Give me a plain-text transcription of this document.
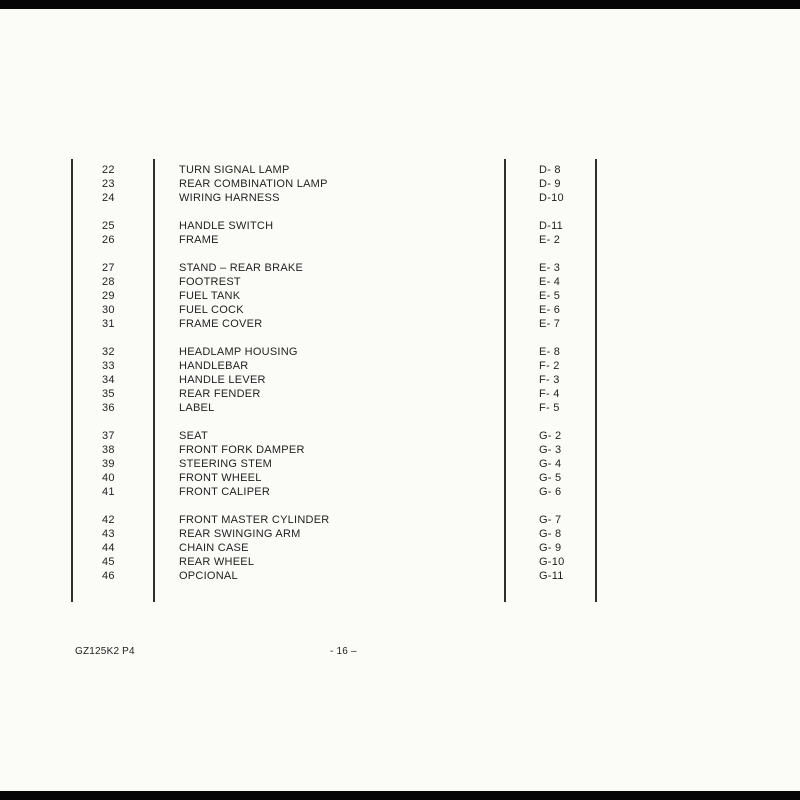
22	TURN SIGNAL LAMP	D- 8
23	REAR COMBINATION LAMP	D- 9
24	WIRING HARNESS	D-10
25	HANDLE SWITCH	D-11
26	FRAME	E- 2
27	STAND – REAR BRAKE	E- 3
28	FOOTREST	E- 4
29	FUEL TANK	E- 5
30	FUEL COCK	E- 6
31	FRAME COVER	E- 7
32	HEADLAMP HOUSING	E- 8
33	HANDLEBAR	F- 2
34	HANDLE LEVER	F- 3
35	REAR FENDER	F- 4
36	LABEL	F- 5
37	SEAT	G- 2
38	FRONT FORK DAMPER	G- 3
39	STEERING STEM	G- 4
40	FRONT WHEEL	G- 5
41	FRONT CALIPER	G- 6
42	FRONT MASTER CYLINDER	G- 7
43	REAR SWINGING ARM	G- 8
44	CHAIN CASE	G- 9
45	REAR WHEEL	G-10
46	OPCIONAL	G-11
GZ125K2 P4	- 16 –
